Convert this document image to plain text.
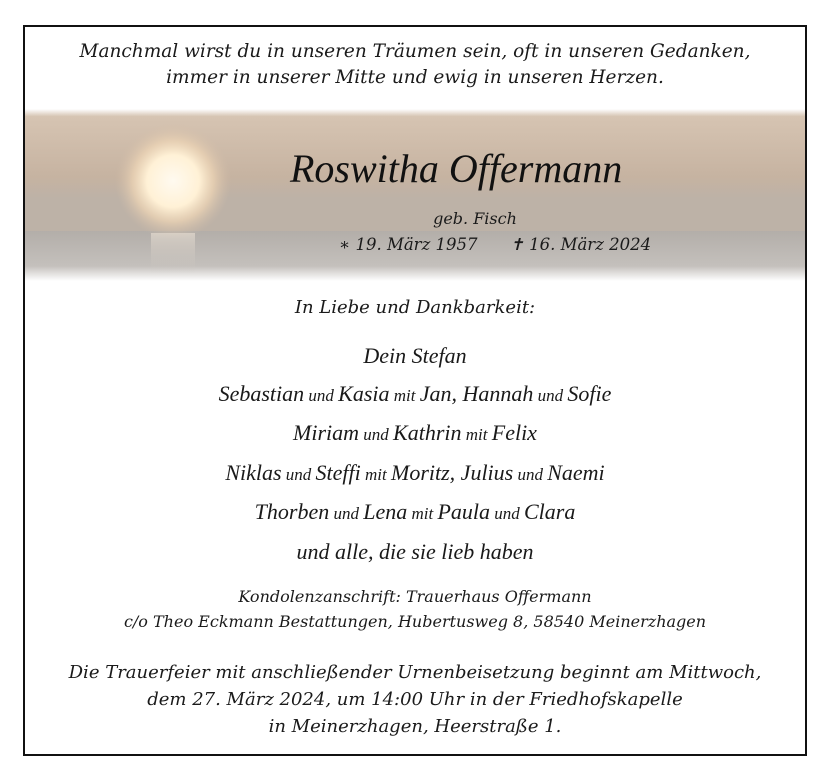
Manchmal wirst du in unseren Träumen sein, oft in unseren Gedanken,
immer in unserer Mitte und ewig in unseren Herzen.
Roswitha Offermann
geb. Fisch
∗ 19. März 1957 ✝ 16. März 2024
In Liebe und Dankbarkeit:
Dein Stefan
Sebastian und Kasia mit Jan, Hannah und Sofie
Miriam und Kathrin mit Felix
Niklas und Steffi mit Moritz, Julius und Naemi
Thorben und Lena mit Paula und Clara
und alle, die sie lieb haben
Kondolenzanschrift: Trauerhaus Offermann
c/o Theo Eckmann Bestattungen, Hubertusweg 8, 58540 Meinerzhagen
Die Trauerfeier mit anschließender Urnenbeisetzung beginnt am Mittwoch,
dem 27. März 2024, um 14:00 Uhr in der Friedhofskapelle
in Meinerzhagen, Heerstraße 1.
